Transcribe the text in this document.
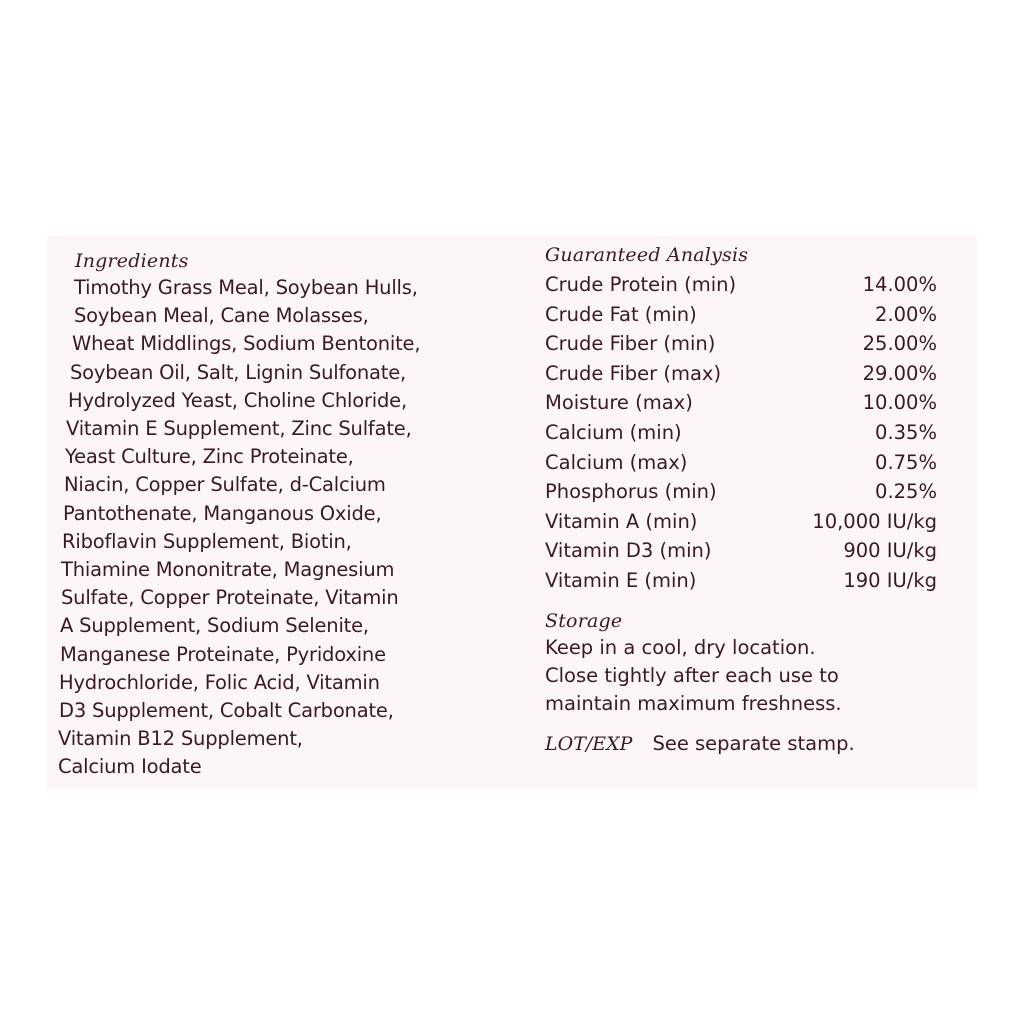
Ingredients
Timothy Grass Meal, Soybean Hulls,
Soybean Meal, Cane Molasses,
Wheat Middlings, Sodium Bentonite,
Soybean Oil, Salt, Lignin Sulfonate,
Hydrolyzed Yeast, Choline Chloride,
Vitamin E Supplement, Zinc Sulfate,
Yeast Culture, Zinc Proteinate,
Niacin, Copper Sulfate, d-Calcium
Pantothenate, Manganous Oxide,
Riboflavin Supplement, Biotin,
Thiamine Mononitrate, Magnesium
Sulfate, Copper Proteinate, Vitamin
A Supplement, Sodium Selenite,
Manganese Proteinate, Pyridoxine
Hydrochloride, Folic Acid, Vitamin
D3 Supplement, Cobalt Carbonate,
Vitamin B12 Supplement,
Calcium Iodate
Guaranteed Analysis
Crude Protein (min)	14.00%
Crude Fat (min)	2.00%
Crude Fiber (min)	25.00%
Crude Fiber (max)	29.00%
Moisture (max)	10.00%
Calcium (min)	0.35%
Calcium (max)	0.75%
Phosphorus (min)	0.25%
Vitamin A (min)	10,000 IU/kg
Vitamin D3 (min)	900 IU/kg
Vitamin E (min)	190 IU/kg
Storage
Keep in a cool, dry location.
Close tightly after each use to
maintain maximum freshness.
LOT/EXP See separate stamp.
